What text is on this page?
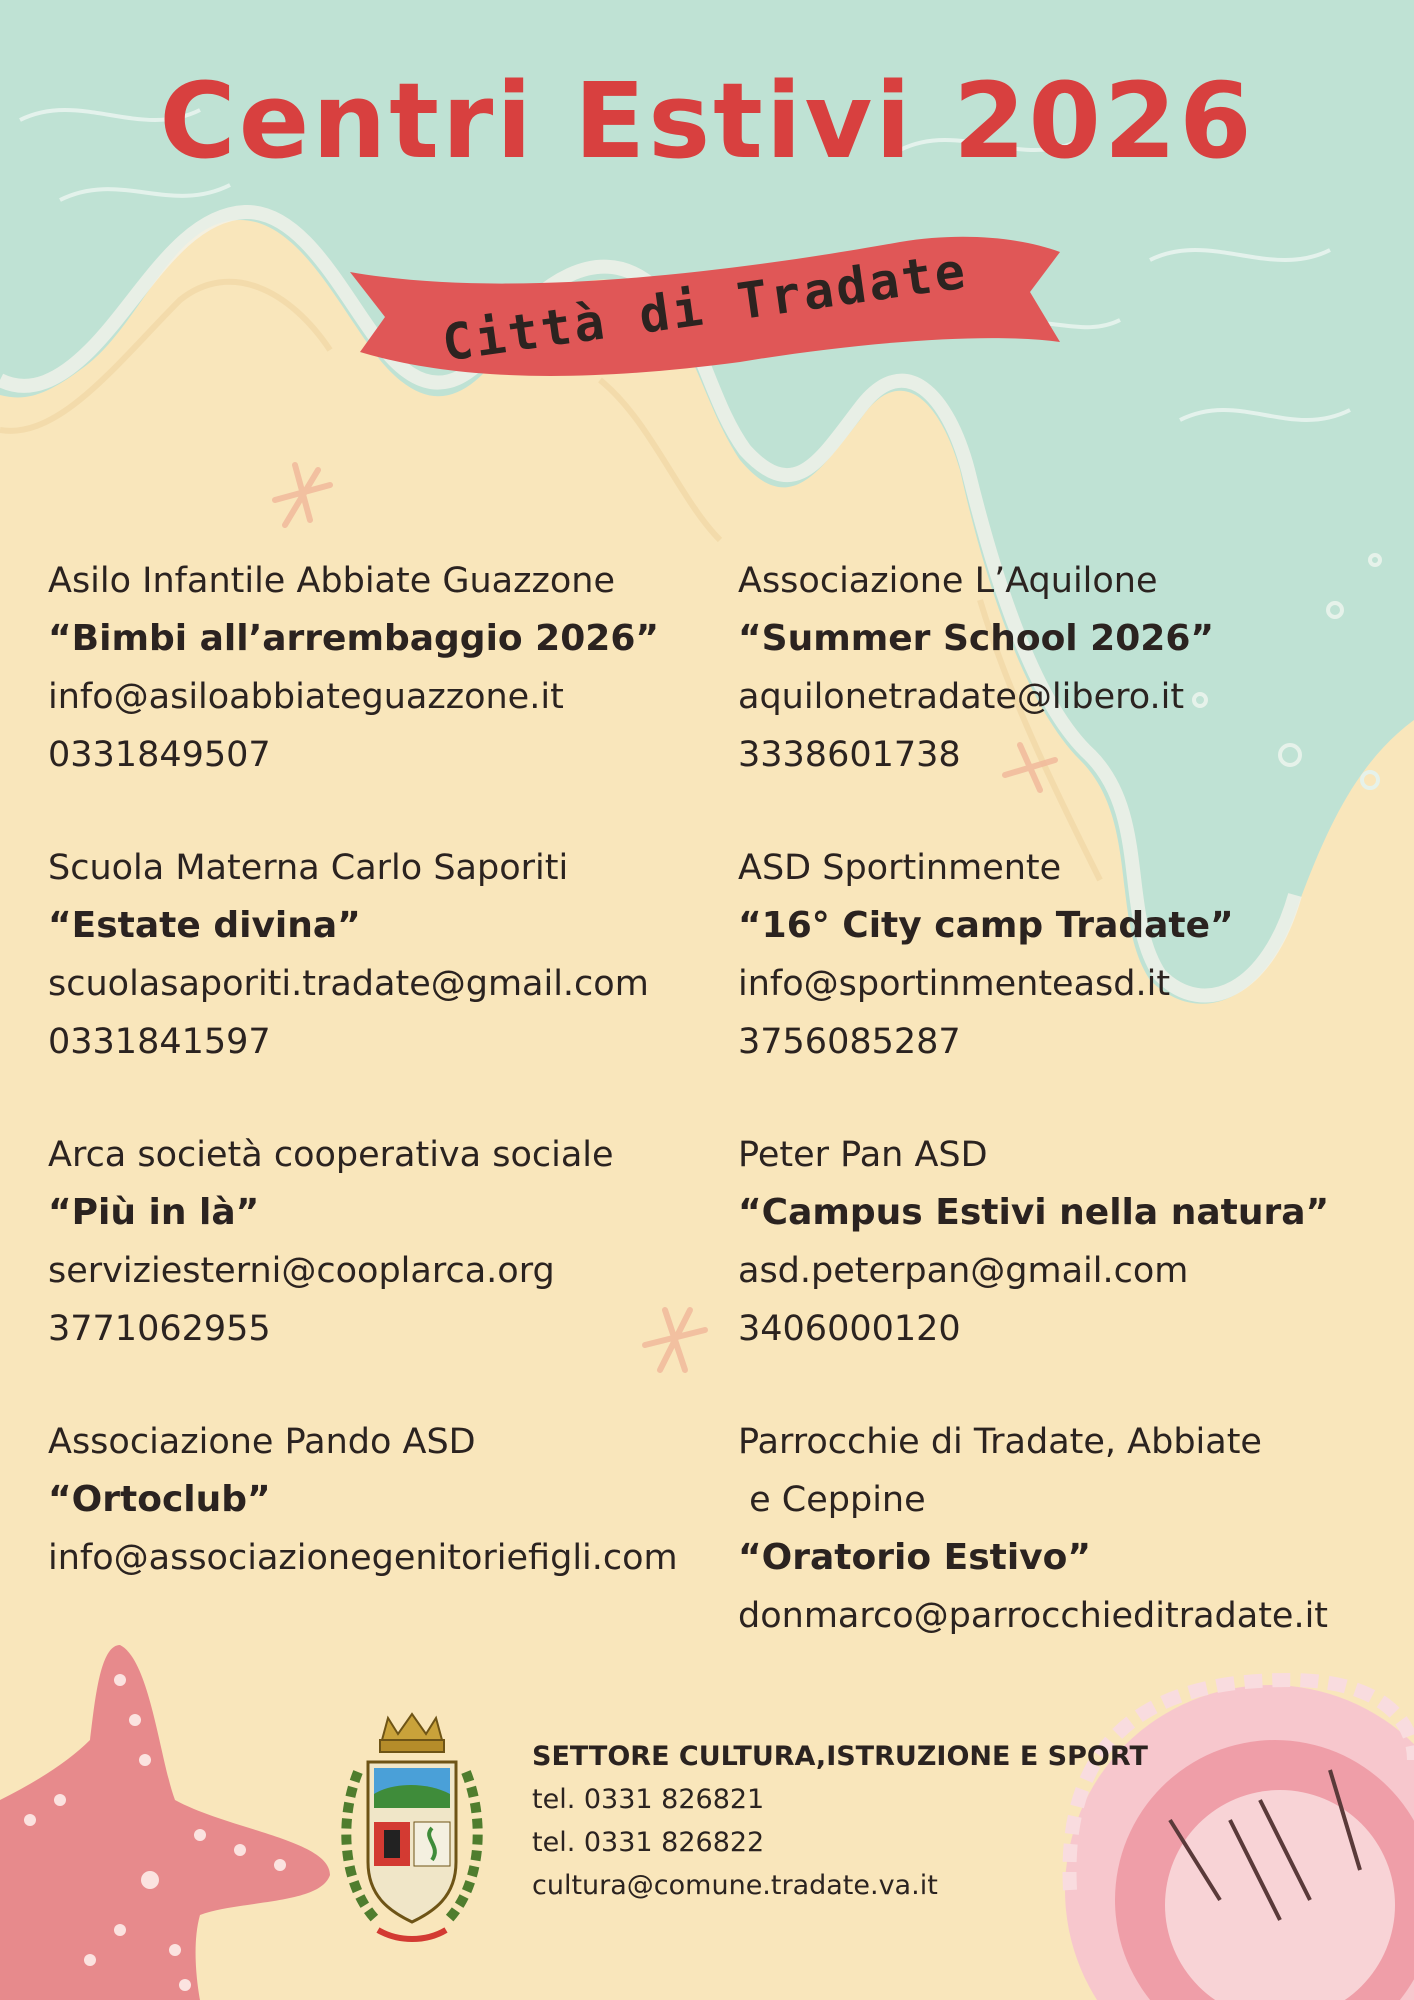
Centri Estivi 2026
Città di Tradate
Asilo Infantile Abbiate Guazzone
“Bimbi all’arrembaggio 2026”
info@asiloabbiateguazzone.it
0331849507
Scuola Materna Carlo Saporiti
“Estate divina”
scuolasaporiti.tradate@gmail.com
0331841597
Arca società cooperativa sociale
“Più in là”
serviziesterni@cooplarca.org
3771062955
Associazione Pando ASD
“Ortoclub”
info@associazionegenitoriefigli.com
Associazione L’Aquilone
“Summer School 2026”
aquilonetradate@libero.it
3338601738
ASD Sportinmente
“16° City camp Tradate”
info@sportinmenteasd.it
3756085287
Peter Pan ASD
“Campus Estivi nella natura”
asd.peterpan@gmail.com
3406000120
Parrocchie di Tradate, Abbiate
e Ceppine
“Oratorio Estivo”
donmarco@parrocchieditradate.it
SETTORE CULTURA,ISTRUZIONE E SPORT
tel. 0331 826821
tel. 0331 826822
cultura@comune.tradate.va.it
